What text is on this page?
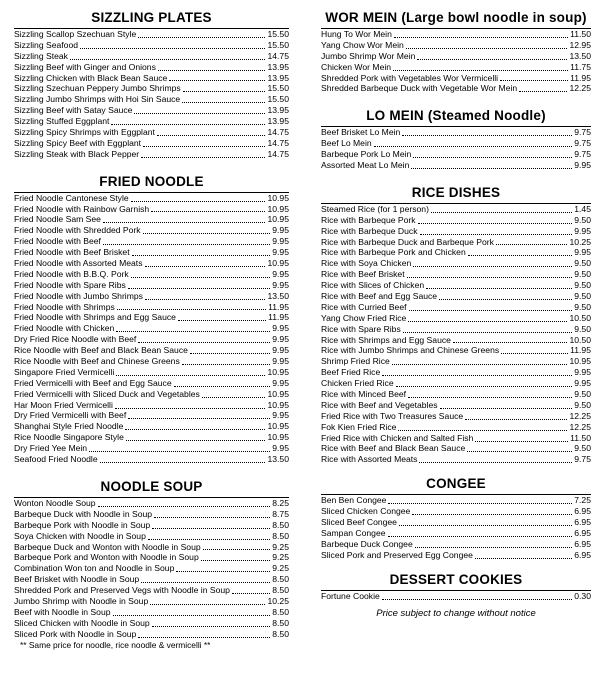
SIZZLING PLATES
Sizzling Scallop Szechuan Style	15.50
Sizzling Seafood	15.50
Sizzling Steak	14.75
Sizzling Beef with Ginger and Onions	13.95
Sizzling Chicken with Black Bean Sauce	13.95
Sizzling Szechuan Peppery Jumbo Shrimps	15.50
Sizzling Jumbo Shrimps with Hoi Sin Sauce	15.50
Sizzling Beef with Satay Sauce	13.95
Sizzling Stuffed Eggplant	13.95
Sizzling Spicy Shrimps with Eggplant	14.75
Sizzling Spicy Beef with Eggplant	14.75
Sizzling Steak with Black Pepper	14.75
FRIED NOODLE
Fried Noodle Cantonese Style	10.95
Fried Noodle with Rainbow Garnish	10.95
Fried Noodle Sam See	10.95
Fried Noodle with Shredded Pork	9.95
Fried Noodle with Beef	9.95
Fried Noodle with Beef Brisket	9.95
Fried Noodle with Assorted Meats	10.95
Fried Noodle with B.B.Q. Pork	9.95
Fried Noodle with Spare Ribs	9.95
Fried Noodle with Jumbo Shrimps	13.50
Fried Noodle with Shrimps	11.95
Fried Noodle with Shrimps and Egg Sauce	11.95
Fried Noodle with Chicken	9.95
Dry Fried Rice Noodle with Beef	9.95
Rice Noodle with Beef and Black Bean Sauce	9.95
Rice Noodle with Beef and Chinese Greens	9.95
Singapore Fried Vermicelli	10.95
Fried Vermicelli with Beef and Egg Sauce	9.95
Fried Vermicelli with Sliced Duck and Vegetables	10.95
Har Moon Fried Vermicelli	10.95
Dry Fried Vermicelli with Beef	9.95
Shanghai Style Fried Noodle	10.95
Rice Noodle Singapore Style	10.95
Dry Fried Yee Mein	9.95
Seafood Fried Noodle	13.50
NOODLE SOUP
Wonton Noodle Soup	8.25
Barbeque Duck with Noodle in Soup	8.75
Barbeque Pork with Noodle in Soup	8.50
Soya Chicken with Noodle in Soup	8.50
Barbeque Duck and Wonton with Noodle in Soup	9.25
Barbeque Pork and Wonton with Noodle in Soup	9.25
Combination Won ton and Noodle in Soup	9.25
Beef Brisket with Noodle in Soup	8.50
Shredded Pork and Preserved Vegs with Noodle in Soup	8.50
Jumbo Shrimp with Noodle in Soup	10.25
Beef with Noodle in Soup	8.50
Sliced Chicken with Noodle in Soup	8.50
Sliced Pork with Noodle in Soup	8.50
** Same price for noodle, rice noodle & vermicelli **
WOR MEIN (Large bowl noodle in soup)
Hung To Wor Mein	11.50
Yang Chow Wor Mein	12.95
Jumbo Shrimp Wor Mein	13.50
Chicken Wor Mein	11.75
Shredded Pork with Vegetables Wor Vermicelli	11.95
Shredded Barbeque Duck with Vegetable Wor Mein	12.25
LO MEIN (Steamed Noodle)
Beef Brisket Lo Mein	9.75
Beef Lo Mein	9.75
Barbeque Pork Lo Mein	9.75
Assorted Meat Lo Mein	9.95
RICE DISHES
Steamed Rice (for 1 person)	1.45
Rice with Barbeque Pork	9.50
Rice with Barbeque Duck	9.95
Rice with Barbeque Duck and Barbeque Pork	10.25
Rice with Barbeque Pork and Chicken	9.95
Rice with Soya Chicken	9.50
Rice with Beef Brisket	9.50
Rice with Slices of Chicken	9.50
Rice with Beef and Egg Sauce	9.50
Rice with Curried Beef	9.50
Yang Chow Fried Rice	10.50
Rice with Spare Ribs	9.50
Rice with Shrimps and Egg Sauce	10.50
Rice with Jumbo Shrimps and Chinese Greens	11.95
Shrimp Fried Rice	10.95
Beef Fried Rice	9.95
Chicken Fried Rice	9.95
Rice with Minced Beef	9.50
Rice with Beef and Vegetables	9.50
Fried Rice with Two Treasures Sauce	12.25
Fok Kien Fried Rice	12.25
Fried Rice with Chicken and Salted Fish	11.50
Rice with Beef and Black Bean Sauce	9.50
Rice with Assorted Meats	9.75
CONGEE
Ben Ben Congee	7.25
Sliced Chicken Congee	6.95
Sliced Beef Congee	6.95
Sampan Congee	6.95
Barbeque Duck Congee	6.95
Sliced Pork and Preserved Egg Congee	6.95
DESSERT COOKIES
Fortune Cookie	0.30
Price subject to change without notice
